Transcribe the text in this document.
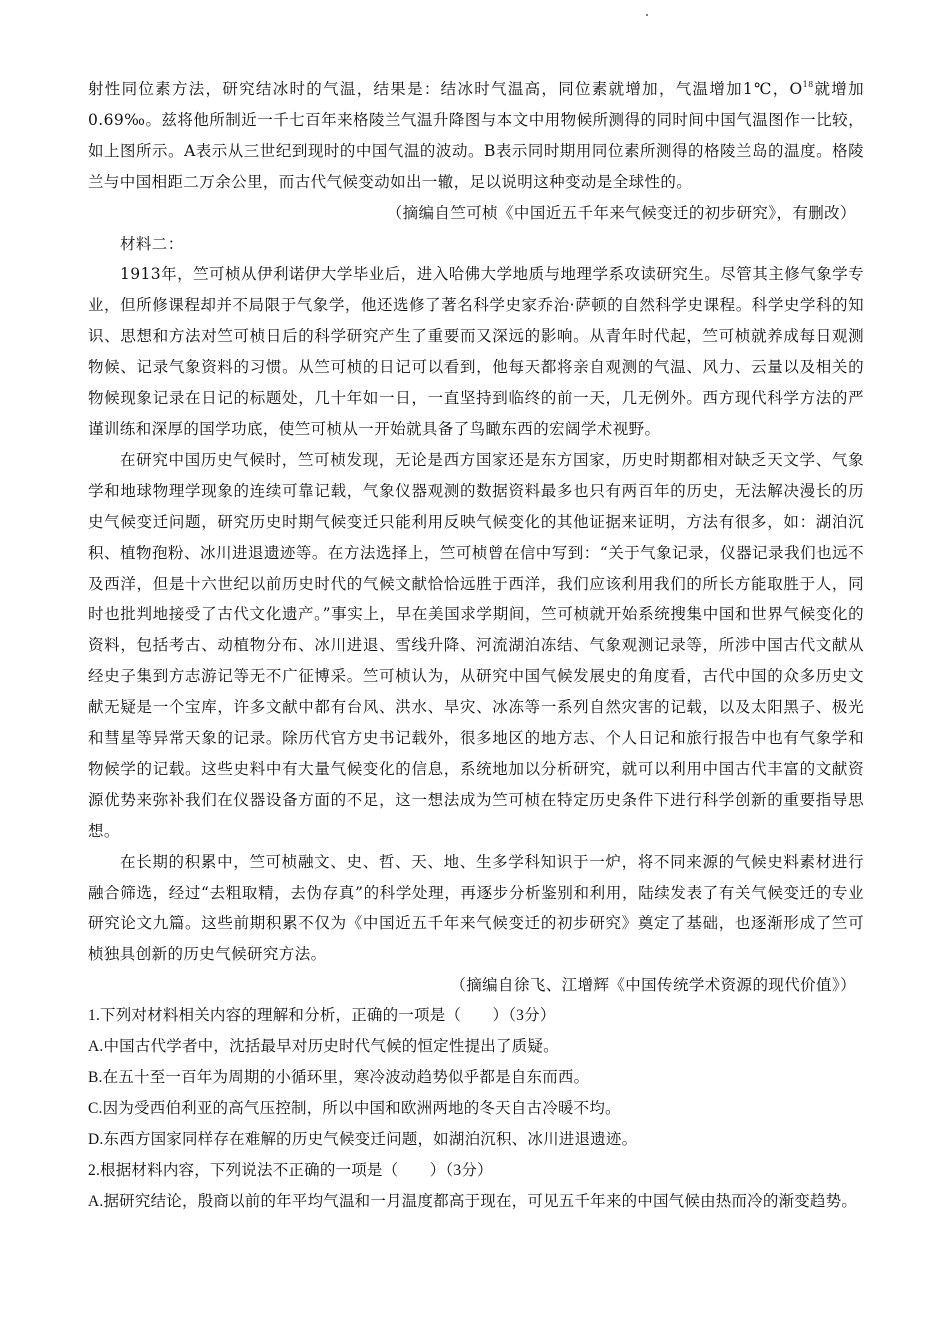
射性同位素方法，研究结冰时的气温，结果是：结冰时气温高，同位素就增加，气温增加1℃，$O^{18}$就增加0.69‰。兹将他所制近一千七百年来格陵兰气温升降图与本文中用物候所测得的同时间中国气温图作一比较，如上图所示。A表示从三世纪到现时的中国气温的波动。B表示同时期用同位素所测得的格陵兰岛的温度。格陵兰与中国相距二万余公里，而古代气候变动如出一辙，足以说明这种变动是全球性的。

（摘编自竺可桢《中国近五千年来气候变迁的初步研究》，有删改）

材料二：

1913年，竺可桢从伊利诺伊大学毕业后，进入哈佛大学地质与地理学系攻读研究生。尽管其主修气象学专业，但所修课程却并不局限于气象学，他还选修了著名科学史家乔治·萨顿的自然科学史课程。科学史学科的知识、思想和方法对竺可桢日后的科学研究产生了重要而又深远的影响。从青年时代起，竺可桢就养成每日观测物候、记录气象资料的习惯。从竺可桢的日记可以看到，他每天都将亲自观测的气温、风力、云量以及相关的物候现象记录在日记的标题处，几十年如一日，一直坚持到临终的前一天，几无例外。西方现代科学方法的严谨训练和深厚的国学功底，使竺可桢从一开始就具备了鸟瞰东西的宏阔学术视野。

在研究中国历史气候时，竺可桢发现，无论是西方国家还是东方国家，历史时期都相对缺乏天文学、气象学和地球物理学现象的连续可靠记载，气象仪器观测的数据资料最多也只有两百年的历史，无法解决漫长的历史气候变迁问题，研究历史时期气候变迁只能利用反映气候变化的其他证据来证明，方法有很多，如：湖泊沉积、植物孢粉、冰川进退遗迹等。在方法选择上，竺可桢曾在信中写到：“关于气象记录，仪器记录我们也远不及西洋，但是十六世纪以前历史时代的气候文献恰恰远胜于西洋，我们应该利用我们的所长方能取胜于人，同时也批判地接受了古代文化遗产。”事实上，早在美国求学期间，竺可桢就开始系统搜集中国和世界气候变化的资料，包括考古、动植物分布、冰川进退、雪线升降、河流湖泊冻结、气象观测记录等，所涉中国古代文献从经史子集到方志游记等无不广征博采。竺可桢认为，从研究中国气候发展史的角度看，古代中国的众多历史文献无疑是一个宝库，许多文献中都有台风、洪水、旱灾、冰冻等一系列自然灾害的记载，以及太阳黑子、极光和彗星等异常天象的记录。除历代官方史书记载外，很多地区的地方志、个人日记和旅行报告中也有气象学和物候学的记载。这些史料中有大量气候变化的信息，系统地加以分析研究，就可以利用中国古代丰富的文献资源优势来弥补我们在仪器设备方面的不足，这一想法成为竺可桢在特定历史条件下进行科学创新的重要指导思想。

在长期的积累中，竺可桢融文、史、哲、天、地、生多学科知识于一炉，将不同来源的气候史料素材进行融合筛选，经过“去粗取精，去伪存真”的科学处理，再逐步分析鉴别和利用，陆续发表了有关气候变迁的专业研究论文九篇。这些前期积累不仅为《中国近五千年来气候变迁的初步研究》奠定了基础，也逐渐形成了竺可桢独具创新的历史气候研究方法。

（摘编自徐飞、江增辉《中国传统学术资源的现代价值》）

1.下列对材料相关内容的理解和分析，正确的一项是（　　）（3分）

A.中国古代学者中，沈括最早对历史时代气候的恒定性提出了质疑。

B.在五十至一百年为周期的小循环里，寒冷波动趋势似乎都是自东而西。

C.因为受西伯利亚的高气压控制，所以中国和欧洲两地的冬天自古冷暖不均。

D.东西方国家同样存在难解的历史气候变迁问题，如湖泊沉积、冰川进退遗迹。

2.根据材料内容，下列说法不正确的一项是（　　）（3分）

A.据研究结论，殷商以前的年平均气温和一月温度都高于现在，可见五千年来的中国气候由热而冷的渐变趋势。
